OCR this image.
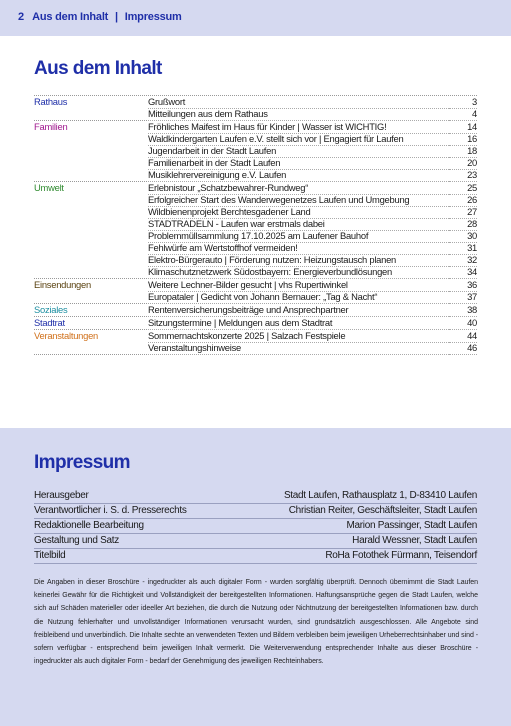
2 Aus dem Inhalt | Impressum
Aus dem Inhalt
Rathaus	Grußwort	3
Mitteilungen aus dem Rathaus	4
Familien	Fröhliches Maifest im Haus für Kinder | Wasser ist WICHTIG!	14
Waldkindergarten Laufen e.V. stellt sich vor | Engagiert für Laufen	16
Jugendarbeit in der Stadt Laufen	18
Familienarbeit in der Stadt Laufen	20
Musiklehrervereinigung e.V. Laufen	23
Umwelt	Erlebnistour „Schatzbewahrer-Rundweg“	25
Erfolgreicher Start des Wanderwegenetzes Laufen und Umgebung	26
Wildbienenprojekt Berchtesgadener Land	27
STADTRADELN - Laufen war erstmals dabei	28
Problemmüllsammlung 17.10.2025 am Laufener Bauhof	30
Fehlwürfe am Wertstoffhof vermeiden!	31
Elektro-Bürgerauto | Förderung nutzen: Heizungstausch planen	32
Klimaschutznetzwerk Südostbayern: Energieverbundlösungen	34
Einsendungen	Weitere Lechner-Bilder gesucht | vhs Rupertiwinkel	36
Europataler | Gedicht von Johann Bernauer: „Tag & Nacht“	37
Soziales	Rentenversicherungsbeiträge und Ansprechpartner	38
Stadtrat	Sitzungstermine | Meldungen aus dem Stadtrat	40
Veranstaltungen	Sommernachtskonzerte 2025 | Salzach Festspiele	44
Veranstaltungshinweise	46
Impressum
Herausgeber	Stadt Laufen, Rathausplatz 1, D-83410 Laufen
Verantwortlicher i. S. d. Presserechts	Christian Reiter, Geschäftsleiter, Stadt Laufen
Redaktionelle Bearbeitung	Marion Passinger, Stadt Laufen
Gestaltung und Satz	Harald Wessner, Stadt Laufen
Titelbild	RoHa Fotothek Fürmann, Teisendorf
Die Angaben in dieser Broschüre - ingedruckter als auch digitaler Form - wurden sorgfältig überprüft. Dennoch übernimmt die Stadt Laufen keinerlei Gewähr für die Richtigkeit und Vollständigkeit der bereitgestellten Informationen. Haftungsansprüche gegen die Stadt Laufen, welche sich auf Schäden materieller oder ideeller Art beziehen, die durch die Nutzung oder Nichtnutzung der bereitgestellten Informationen bzw. durch die Nutzung fehlerhafter und unvollständiger Informationen verursacht wurden, sind grundsätzlich ausgeschlossen. Alle Angebote sind freibleibend und unverbindlich. Die Inhalte sechte an verwendeten Texten und Bildern verbleiben beim jeweiligen Urheberrechtsinhaber und sind - sofern verfügbar - entsprechend beim jeweiligen Inhalt vermerkt. Die Weiterverwendung entsprechender Inhalte aus dieser Broschüre - ingedruckter als auch digitaler Form - bedarf der Genehmigung des jeweiligen Rechteinhabers.
